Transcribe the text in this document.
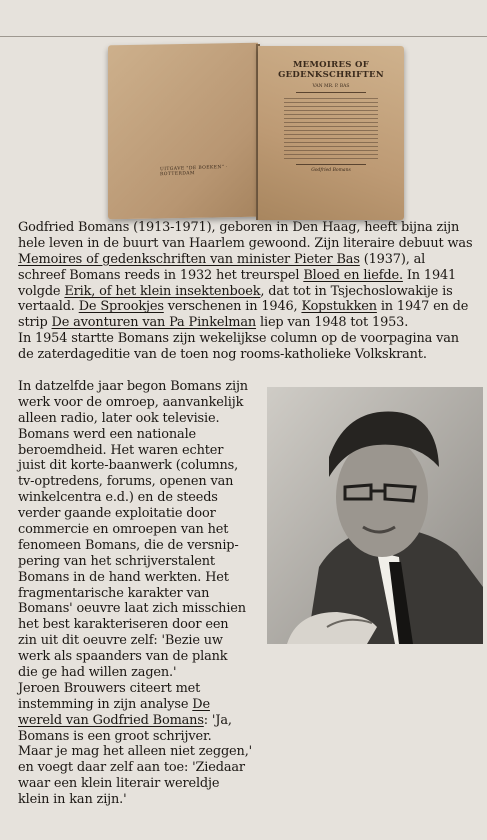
UITGAVE "DE BOEKEN" · ROTTERDAM
MEMOIRES OF
GEDENKSCHRIFTEN
VAN MR. P. BAS
Godfried Bomans
Godfried Bomans (1913-1971), geboren in Den Haag, heeft bijna zijn
hele leven in de buurt van Haarlem gewoond. Zijn literaire debuut was
Memoires of gedenkschriften van minister Pieter Bas (1937), al
schreef Bomans reeds in 1932 het treurspel Bloed en liefde. In 1941
volgde Erik, of het klein insektenboek, dat tot in Tsjechoslowakije is
vertaald. De Sprookjes verschenen in 1946, Kopstukken in 1947 en de
strip De avonturen van Pa Pinkelman liep van 1948 tot 1953.
In 1954 startte Bomans zijn wekelijkse column op de voorpagina van
de zaterdageditie van de toen nog rooms-katholieke Volkskrant.
In datzelfde jaar begon Bomans zijn
werk voor de omroep, aanvankelijk
alleen radio, later ook televisie.
Bomans werd een nationale
beroemdheid. Het waren echter
juist dit korte-baanwerk (columns,
tv-optredens, forums, openen van
winkelcentra e.d.) en de steeds
verder gaande exploitatie door
commercie en omroepen van het
fenomeen Bomans, die de versnip-
pering van het schrijverstalent
Bomans in de hand werkten. Het
fragmentarische karakter van
Bomans' oeuvre laat zich misschien
het best karakteriseren door een
zin uit dit oeuvre zelf: 'Bezie uw
werk als spaanders van de plank
die ge had willen zagen.'
Jeroen Brouwers citeert met
instemming in zijn analyse De
wereld van Godfried Bomans: 'Ja,
Bomans is een groot schrijver.
Maar je mag het alleen niet zeggen,'
en voegt daar zelf aan toe: 'Ziedaar
waar een klein literair wereldje
klein in kan zijn.'
